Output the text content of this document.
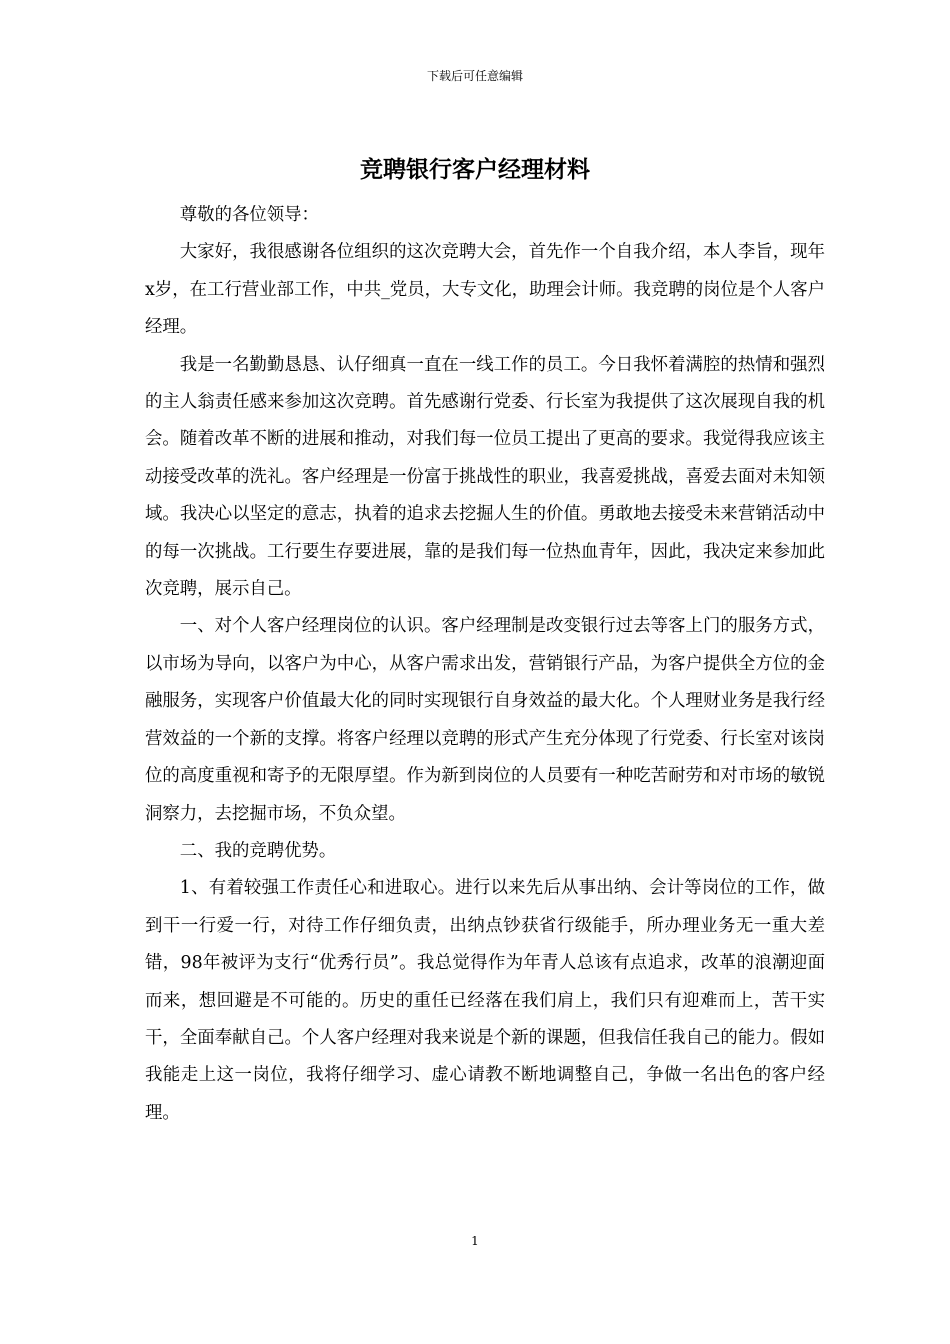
下载后可任意编辑
竞聘银行客户经理材料

尊敬的各位领导：

大家好，我很感谢各位组织的这次竞聘大会，首先作一个自我介绍，本人李旨，现年x岁，在工行营业部工作，中共_党员，大专文化，助理会计师。我竞聘的岗位是个人客户经理。

我是一名勤勤恳恳、认仔细真一直在一线工作的员工。今日我怀着满腔的热情和强烈的主人翁责任感来参加这次竞聘。首先感谢行党委、行长室为我提供了这次展现自我的机会。随着改革不断的进展和推动，对我们每一位员工提出了更高的要求。我觉得我应该主动接受改革的洗礼。客户经理是一份富于挑战性的职业，我喜爱挑战，喜爱去面对未知领域。我决心以坚定的意志，执着的追求去挖掘人生的价值。勇敢地去接受未来营销活动中的每一次挑战。工行要生存要进展，靠的是我们每一位热血青年，因此，我决定来参加此次竞聘，展示自己。

一、对个人客户经理岗位的认识。客户经理制是改变银行过去等客上门的服务方式，以市场为导向，以客户为中心，从客户需求出发，营销银行产品，为客户提供全方位的金融服务，实现客户价值最大化的同时实现银行自身效益的最大化。个人理财业务是我行经营效益的一个新的支撑。将客户经理以竞聘的形式产生充分体现了行党委、行长室对该岗位的高度重视和寄予的无限厚望。作为新到岗位的人员要有一种吃苦耐劳和对市场的敏锐洞察力，去挖掘市场，不负众望。

二、我的竞聘优势。

1、有着较强工作责任心和进取心。进行以来先后从事出纳、会计等岗位的工作，做到干一行爱一行，对待工作仔细负责，出纳点钞获省行级能手，所办理业务无一重大差错，98年被评为支行“优秀行员”。我总觉得作为年青人总该有点追求，改革的浪潮迎面而来，想回避是不可能的。历史的重任已经落在我们肩上，我们只有迎难而上，苦干实干，全面奉献自己。个人客户经理对我来说是个新的课题，但我信任我自己的能力。假如我能走上这一岗位，我将仔细学习、虚心请教不断地调整自己，争做一名出色的客户经理。

1
